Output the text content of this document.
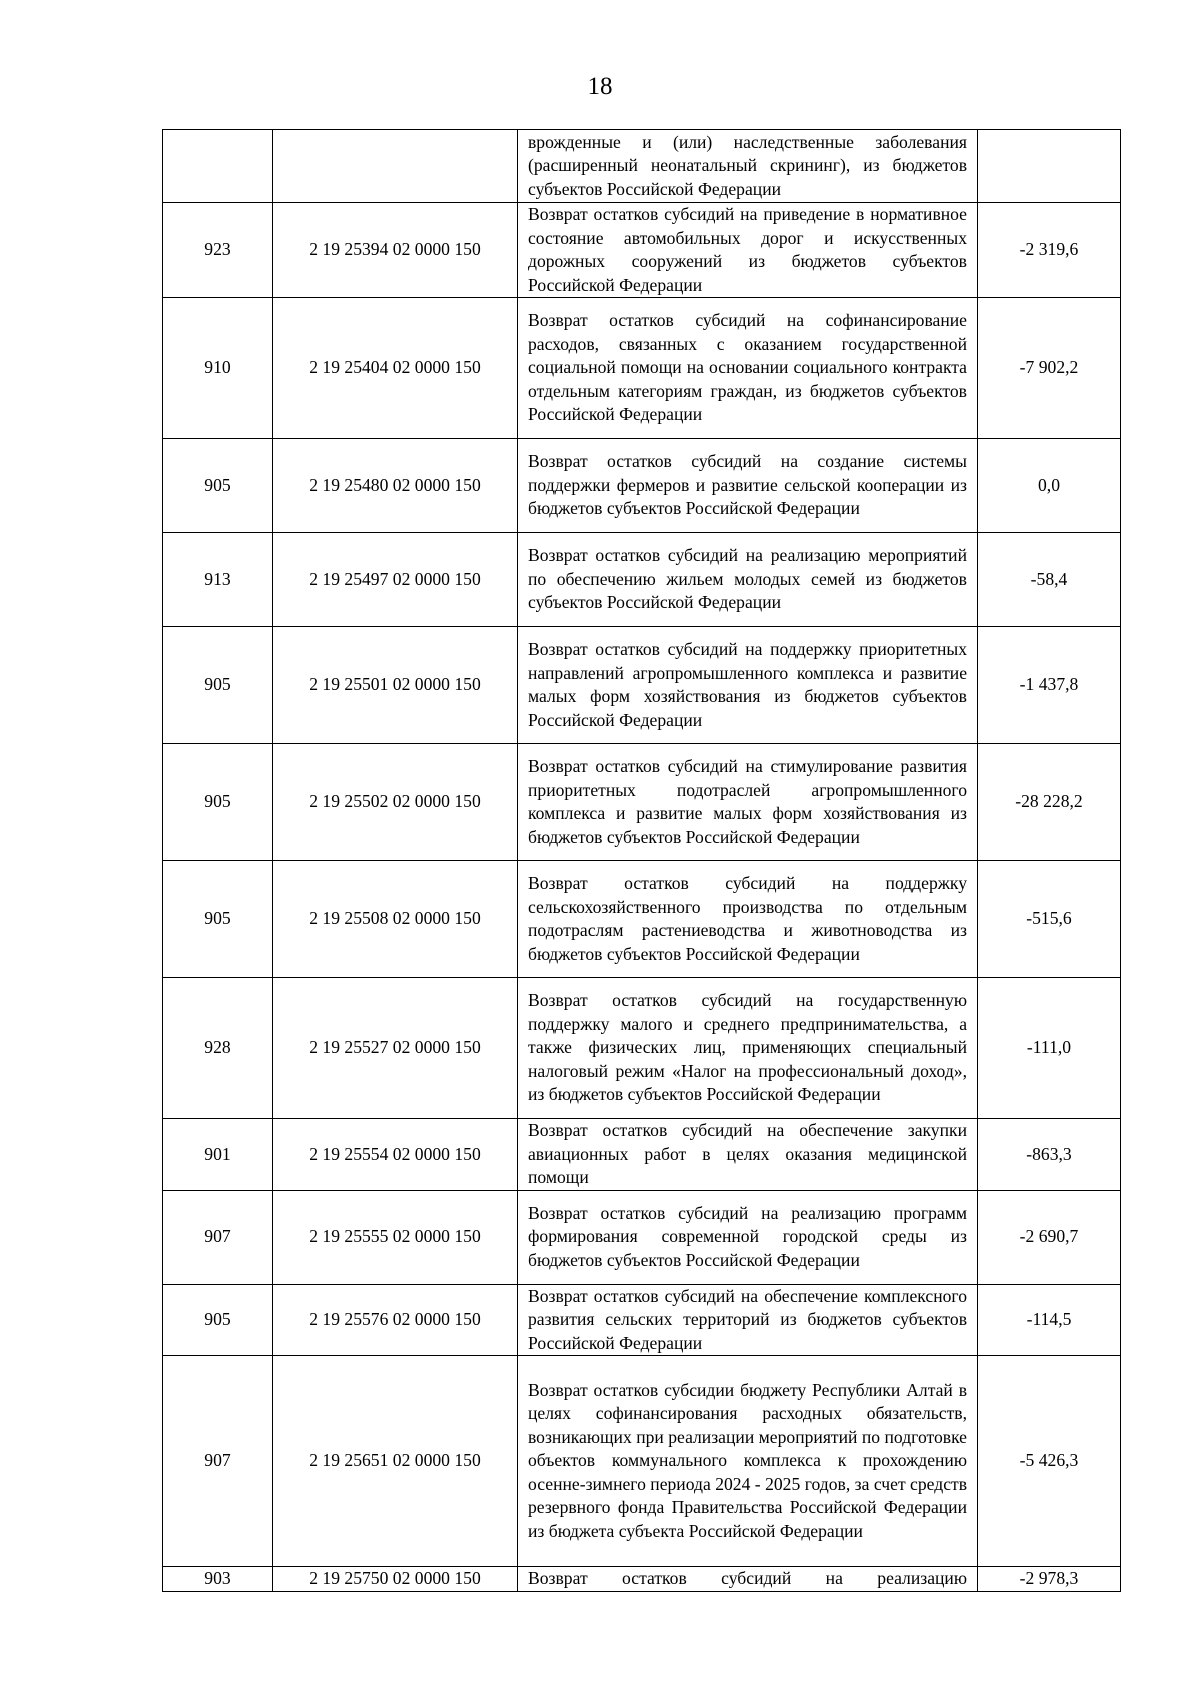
18

		врожденные и (или) наследственные заболевания (расширенный неонатальный скрининг), из бюджетов субъектов Российской Федерации	

923	2 19 25394 02 0000 150	Возврат остатков субсидий на приведение в нормативное состояние автомобильных дорог и искусственных дорожных сооружений из бюджетов субъектов Российской Федерации	-2 319,6
910	2 19 25404 02 0000 150	Возврат остатков субсидий на софинансирование расходов, связанных с оказанием государственной социальной помощи на основании социального контракта отдельным категориям граждан, из бюджетов субъектов Российской Федерации	-7 902,2
905	2 19 25480 02 0000 150	Возврат остатков субсидий на создание системы поддержки фермеров и развитие сельской кооперации из бюджетов субъектов Российской Федерации	0,0
913	2 19 25497 02 0000 150	Возврат остатков субсидий на реализацию мероприятий по обеспечению жильем молодых семей из бюджетов субъектов Российской Федерации	-58,4
905	2 19 25501 02 0000 150	Возврат остатков субсидий на поддержку приоритетных направлений агропромышленного комплекса и развитие малых форм хозяйствования из бюджетов субъектов Российской Федерации	-1 437,8
905	2 19 25502 02 0000 150	Возврат остатков субсидий на стимулирование развития приоритетных подотраслей агропромышленного комплекса и развитие малых форм хозяйствования из бюджетов субъектов Российской Федерации	-28 228,2
905	2 19 25508 02 0000 150	Возврат остатков субсидий на поддержку сельскохозяйственного производства по отдельным подотраслям растениеводства и животноводства из бюджетов субъектов Российской Федерации	-515,6
928	2 19 25527 02 0000 150	Возврат остатков субсидий на государственную поддержку малого и среднего предпринимательства, а также физических лиц, применяющих специальный налоговый режим «Налог на профессиональный доход», из бюджетов субъектов Российской Федерации	-111,0
901	2 19 25554 02 0000 150	Возврат остатков субсидий на обеспечение закупки авиационных работ в целях оказания медицинской помощи	-863,3
907	2 19 25555 02 0000 150	Возврат остатков субсидий на реализацию программ формирования современной городской среды из бюджетов субъектов Российской Федерации	-2 690,7
905	2 19 25576 02 0000 150	Возврат остатков субсидий на обеспечение комплексного развития сельских территорий из бюджетов субъектов Российской Федерации	-114,5
907	2 19 25651 02 0000 150	Возврат остатков субсидии бюджету Республики Алтай в целях софинансирования расходных обязательств, возникающих при реализации мероприятий по подготовке объектов коммунального комплекса к прохождению осенне-зимнего периода 2024 - 2025 годов, за счет средств резервного фонда Правительства Российской Федерации из бюджета субъекта Российской Федерации	-5 426,3
903	2 19 25750 02 0000 150	Возврат остатков субсидий на реализацию	-2 978,3
